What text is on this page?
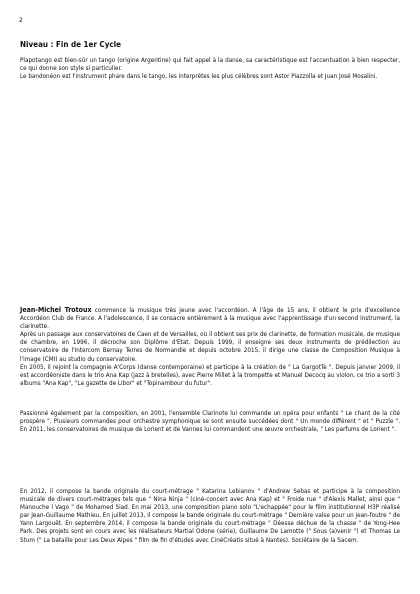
2
Niveau : Fin de 1er Cycle

Plapotango est bien-sûr un tango (origine Argentine) qui fait appel à la danse, sa caractéristique est l'accentuation à bien respecter, ce qui donne son style si particulier.

Le bandonéon est l'instrument phare dans le tango, les interprètes les plus célèbres sont Astor Piazzolla et Juan José Mosalini.

Jean-Michel Trotoux commence la musique très jeune avec l'accordéon. A l'âge de 15 ans, il obtient le prix d'excellence Accordéon Club de France. A l'adolescence, il se consacre entièrement à la musique avec l'apprentissage d'un second instrument, la clarinette.

Après un passage aux conservatoires de Caen et de Versailles, où il obtient ses prix de clarinette, de formation musicale, de musique de chambre, en 1996, il décroche son Diplôme d'Etat. Depuis 1999, il enseigne ses deux instruments de prédilection au conservatoire de l'Intercom Bernay Terres de Normandie et depuis octobre 2015, il dirige une classe de Composition Musique à l'image (CMI) au studio du conservatoire.

En 2005, il rejoint la compagnie A'Corps (danse contemporaine) et participe à la création de " La GargotTe ". Depuis janvier 2009, il est accordéoniste dans le trio Ana Kap (jazz à bretelles), avec Pierre Millet à la trompette et Manuel Decocq au violon, ce trio a sorti 3 albums "Ana Kap", "La gazette de Libor" et "Topinambour du futur".

Passionné également par la composition, en 2001, l'ensemble Clarinote lui commande un opéra pour enfants " Le chant de la cité prospère ". Plusieurs commandes pour orchestre symphonique se sont ensuite succédées dont " Un monde différent " et " Puzzle ". En 2011, les conservatoires de musique de Lorient et de Vannes lui commandent une œuvre orchestrale, " Les parfums de Lorient ".

En 2012, il compose la bande originale du court-métrage " Katarina Lebianov " d'Andrew Sebas et participe à la composition musicale de divers court-métrages tels que " Nina Ninja " (ciné-concert avec Ana Kap) et " Froide rue " d'Alexis Mallet, ainsi que " Manouche l Vago " de Mohamed Siad. En mai 2013, une composition piano solo "L'echappée" pour le film institutionnel H3P réalisé par Jean-Guillaume Mathieu. En juillet 2013, il compose la bande originale du court-métrage " Dernière valse pour un jean-foutre " de Yann Largouët. En septembre 2014, il compose la bande originale du court-métrage " Déesse déchue de la chasse " de Yong-Hee Park. Des projets sont en cours avec les réalisateurs Martial Odone (série), Guillaume De Lamotte (" Sous (a)venir ") et Thomas Le Stum (" La bataille pour Les Deux Alpes " film de fin d'études avec CinéCréatis situé à Nantes). Sociétaire de la Sacem.
